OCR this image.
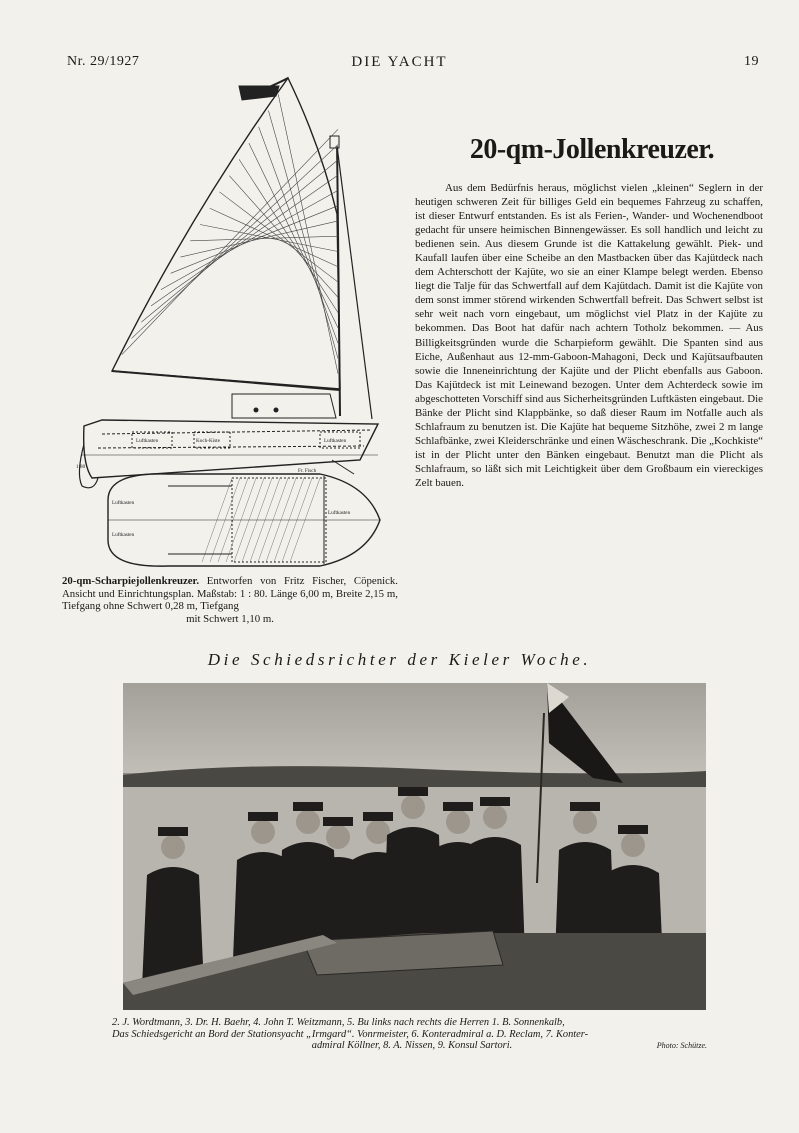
Nr. 29/1927	DIE YACHT	19
Luftkasten	Koch-Kiste	Luftkasten
Luftkasten
Luftkasten
Luftkasten
1:80
Fr. Fisch
20-qm-Scharpiejollenkreuzer. Entworfen von Fritz Fischer, Cöpenick. Ansicht und Einrichtungsplan. Maßstab: 1 : 80. Länge 6,00 m, Breite 2,15 m, Tiefgang ohne Schwert 0,28 m, Tiefgang
mit Schwert 1,10 m.
20-qm-Jollenkreuzer.

Aus dem Bedürfnis heraus, möglichst vielen „kleinen“ Seglern in der heutigen schweren Zeit für billiges Geld ein bequemes Fahrzeug zu schaffen, ist dieser Entwurf entstanden. Es ist als Ferien-, Wander- und Wochenendboot gedacht für unsere heimischen Binnengewässer. Es soll handlich und leicht zu bedienen sein. Aus diesem Grunde ist die Kattakelung gewählt. Piek- und Kaufall laufen über eine Scheibe an den Mastbacken über das Kajütdeck nach dem Achterschott der Kajüte, wo sie an einer Klampe belegt werden. Ebenso liegt die Talje für das Schwertfall auf dem Kajütdach. Damit ist die Kajüte von dem sonst immer störend wirkenden Schwertfall befreit. Das Schwert selbst ist sehr weit nach vorn eingebaut, um möglichst viel Platz in der Kajüte zu bekommen. Das Boot hat dafür nach achtern Totholz bekommen. — Aus Billigkeitsgründen wurde die Scharpieform gewählt. Die Spanten sind aus Eiche, Außenhaut aus 12-mm-Gaboon-Mahagoni, Deck und Kajütsaufbauten sowie die Inneneinrichtung der Kajüte und der Plicht ebenfalls aus Gaboon. Das Kajütdeck ist mit Leinewand bezogen. Unter dem Achterdeck sowie im abgeschotteten Vorschiff sind aus Sicherheitsgründen Luftkästen eingebaut. Die Bänke der Plicht sind Klappbänke, so daß dieser Raum im Notfalle auch als Schlafraum zu benutzen ist. Die Kajüte hat bequeme Sitzhöhe, zwei 2 m lange Schlafbänke, zwei Kleiderschränke und einen Wäscheschrank. Die „Kochkiste“ ist in der Plicht unter den Bänken eingebaut. Benutzt man die Plicht als Schlafraum, so läßt sich mit Leichtigkeit über dem Großbaum ein viereckiges Zelt bauen.

Die Schiedsrichter der Kieler Woche.
2. J. Wordtmann, 3. Dr. H. Baehr, 4. John T. Weitzmann, 5. Bu links nach rechts die Herren 1. B. Sonnenkalb,
Das Schiedsgericht an Bord der Stationsyacht „Irmgard“. Vonrmeister, 6. Konteradmiral a. D. Reclam, 7. Konter-

admiral Köllner, 8. A. Nissen, 9. Konsul Sartori.	Photo: Schütze.
